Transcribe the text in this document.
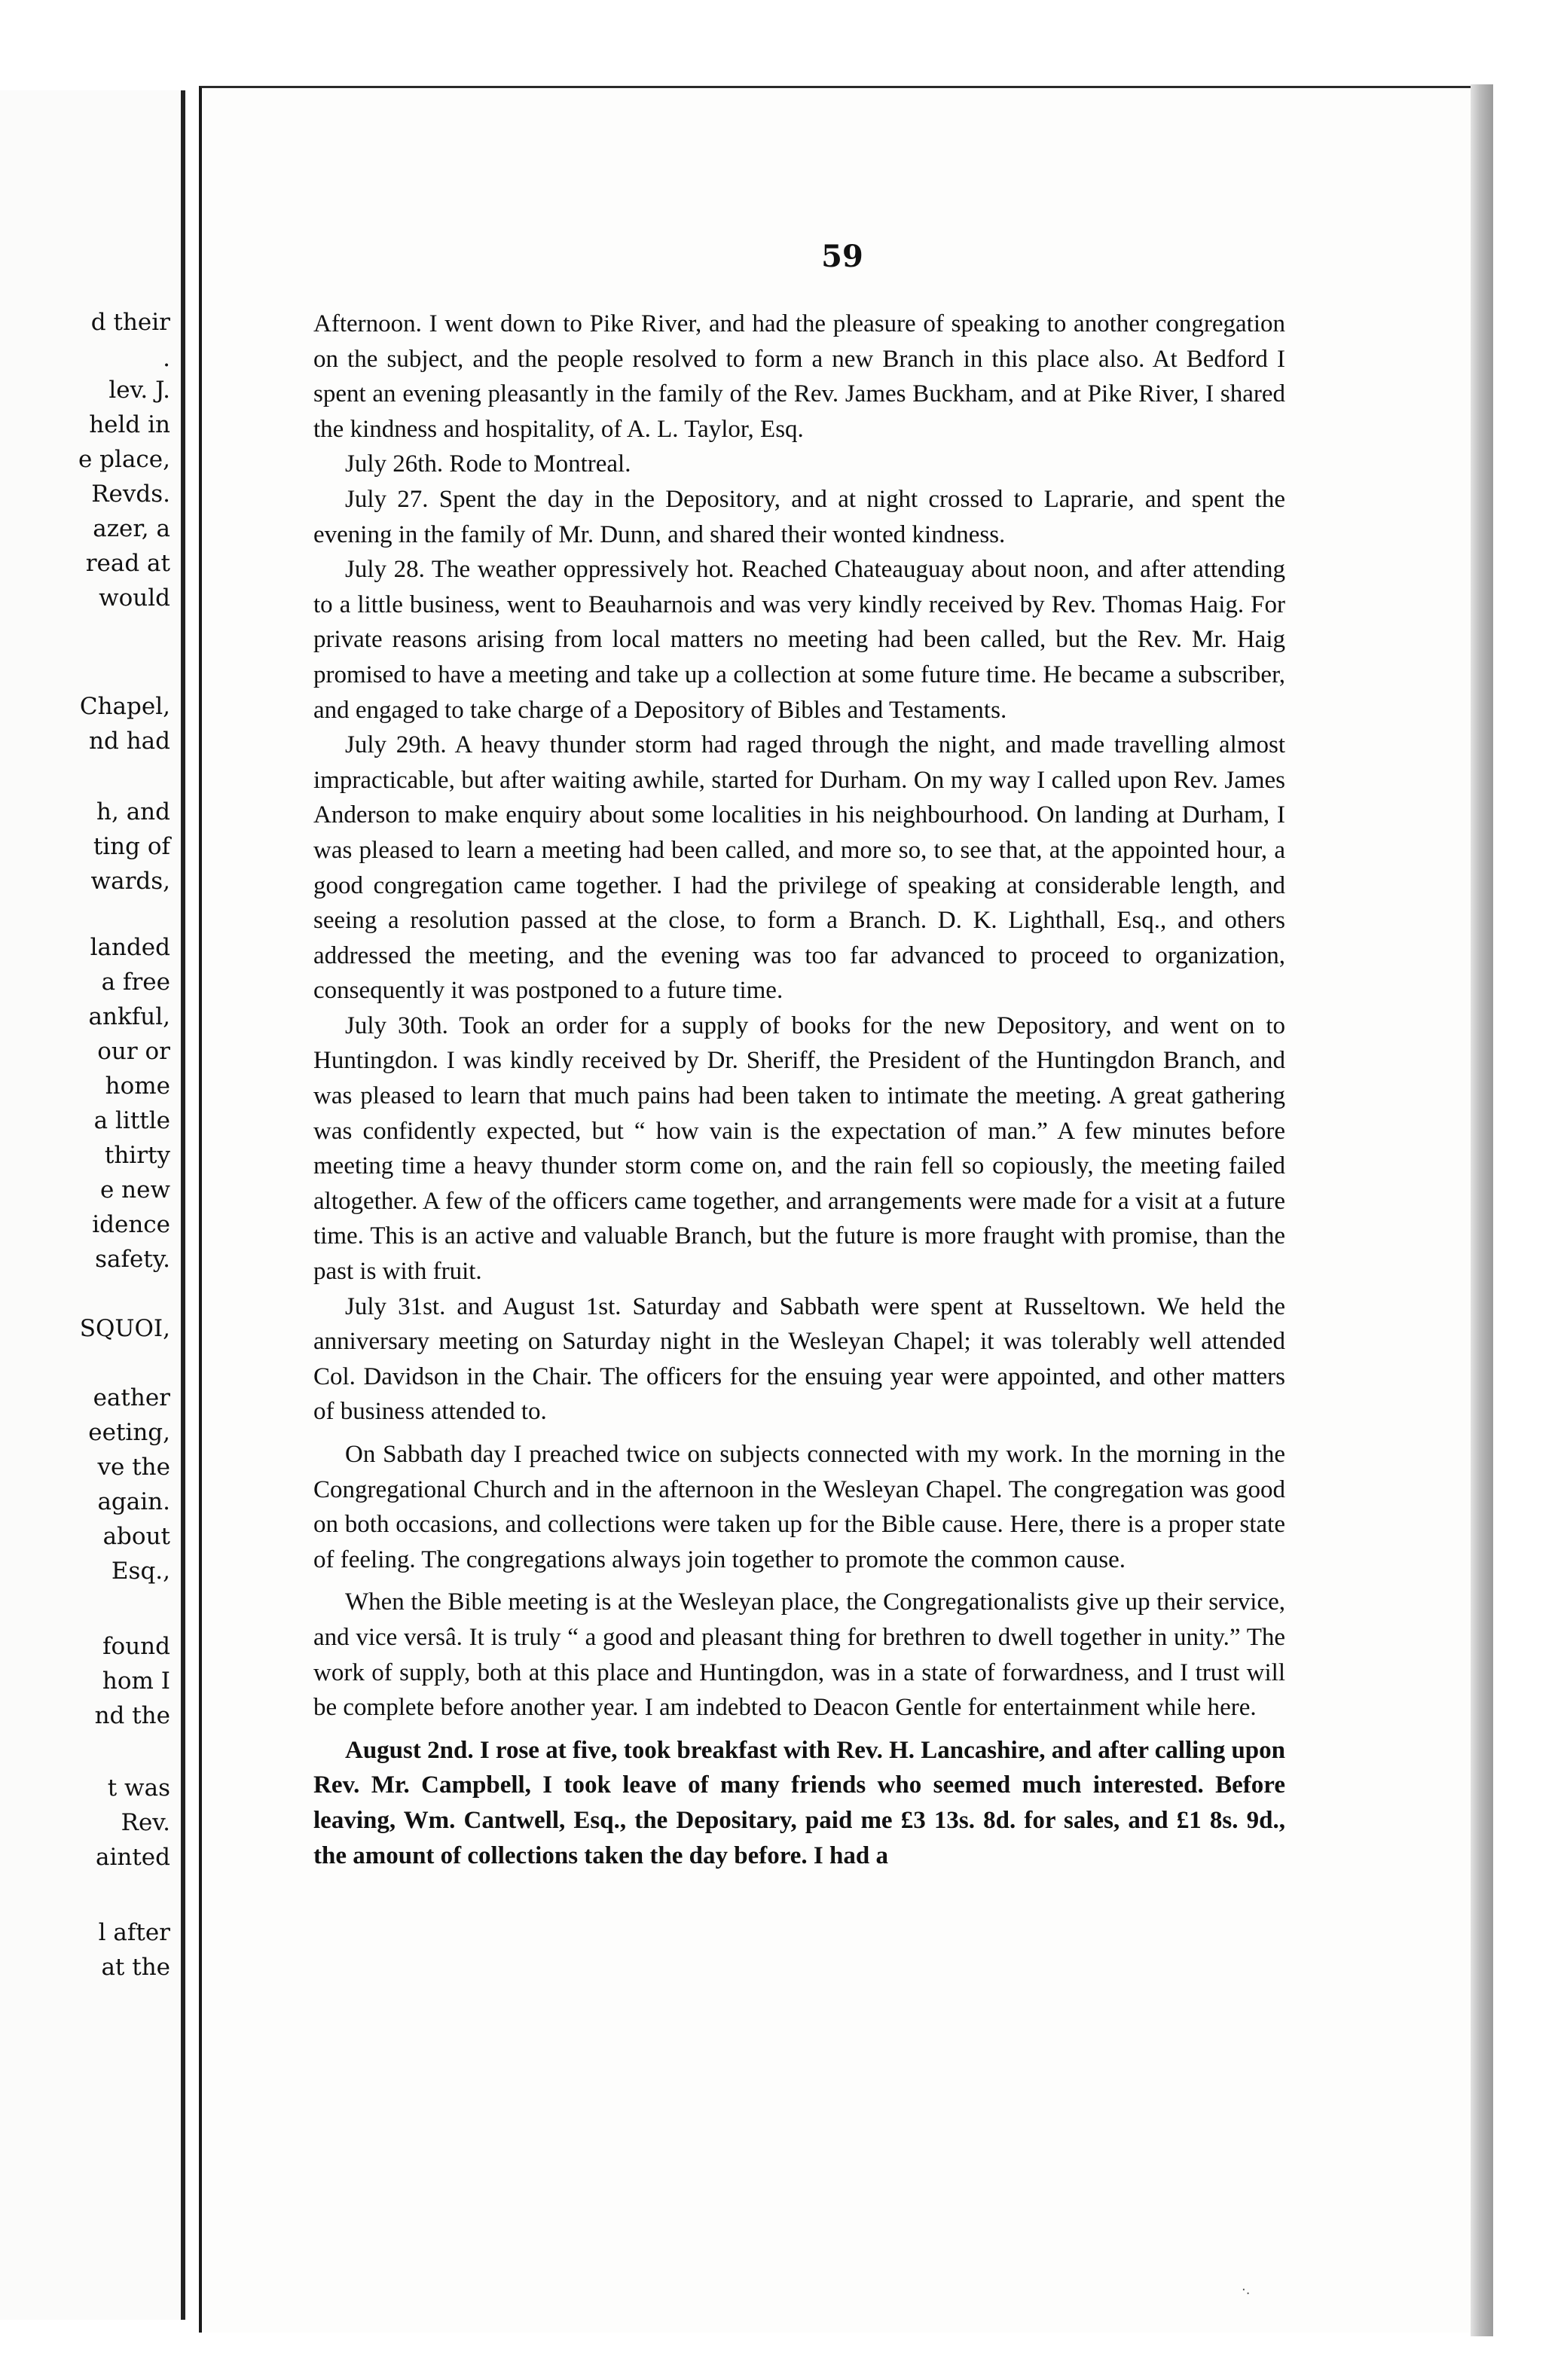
d their
.
lev. J.
held in
e place,
Revds.
azer, a
read at
would
Chapel,
nd had
h, and
ting of
wards,
landed
a free
ankful,
our or
home
a little
thirty
e new
idence
safety.
SQUOI,
eather
eeting,
ve the
again.
about
Esq.,
found
hom I
nd the
t was
Rev.
ainted
l after
at the
59

Afternoon. I went down to Pike River, and had the pleasure of speaking to another congregation on the subject, and the people resolved to form a new Branch in this place also. At Bedford I spent an evening pleasantly in the family of the Rev. James Buckham, and at Pike River, I shared the kindness and hospitality, of A. L. Taylor, Esq.

July 26th. Rode to Montreal.

July 27. Spent the day in the Depository, and at night crossed to Laprarie, and spent the evening in the family of Mr. Dunn, and shared their wonted kindness.

July 28. The weather oppressively hot. Reached Chateauguay about noon, and after attending to a little business, went to Beauharnois and was very kindly received by Rev. Thomas Haig. For private reasons arising from local matters no meeting had been called, but the Rev. Mr. Haig promised to have a meeting and take up a collection at some future time. He became a subscriber, and engaged to take charge of a Depository of Bibles and Testaments.

July 29th. A heavy thunder storm had raged through the night, and made travelling almost impracticable, but after waiting awhile, started for Durham. On my way I called upon Rev. James Anderson to make enquiry about some localities in his neighbourhood. On landing at Durham, I was pleased to learn a meeting had been called, and more so, to see that, at the appointed hour, a good congregation came together. I had the privilege of speaking at considerable length, and seeing a resolution passed at the close, to form a Branch. D. K. Lighthall, Esq., and others addressed the meeting, and the evening was too far advanced to proceed to organization, consequently it was postponed to a future time.

July 30th. Took an order for a supply of books for the new Depository, and went on to Huntingdon. I was kindly received by Dr. Sheriff, the President of the Huntingdon Branch, and was pleased to learn that much pains had been taken to intimate the meeting. A great gathering was confidently expected, but “ how vain is the expectation of man.” A few minutes before meeting time a heavy thunder storm come on, and the rain fell so copiously, the meeting failed altogether. A few of the officers came together, and arrangements were made for a visit at a future time. This is an active and valuable Branch, but the future is more fraught with promise, than the past is with fruit.

July 31st. and August 1st. Saturday and Sabbath were spent at Russeltown. We held the anniversary meeting on Saturday night in the Wesleyan Chapel; it was tolerably well attended Col. Davidson in the Chair. The officers for the ensuing year were appointed, and other matters of business attended to.

On Sabbath day I preached twice on subjects connected with my work. In the morning in the Congregational Church and in the afternoon in the Wesleyan Chapel. The congregation was good on both occasions, and collections were taken up for the Bible cause. Here, there is a proper state of feeling. The congregations always join together to promote the common cause.

When the Bible meeting is at the Wesleyan place, the Congregationalists give up their service, and vice versâ. It is truly “ a good and pleasant thing for brethren to dwell together in unity.” The work of supply, both at this place and Huntingdon, was in a state of forwardness, and I trust will be complete before another year. I am indebted to Deacon Gentle for entertainment while here.

August 2nd. I rose at five, took breakfast with Rev. H. Lancashire, and after calling upon Rev. Mr. Campbell, I took leave of many friends who seemed much interested. Before leaving, Wm. Cantwell, Esq., the Depositary, paid me £3 13s. 8d. for sales, and £1 8s. 9d., the amount of collections taken the day before. I had a

·.
